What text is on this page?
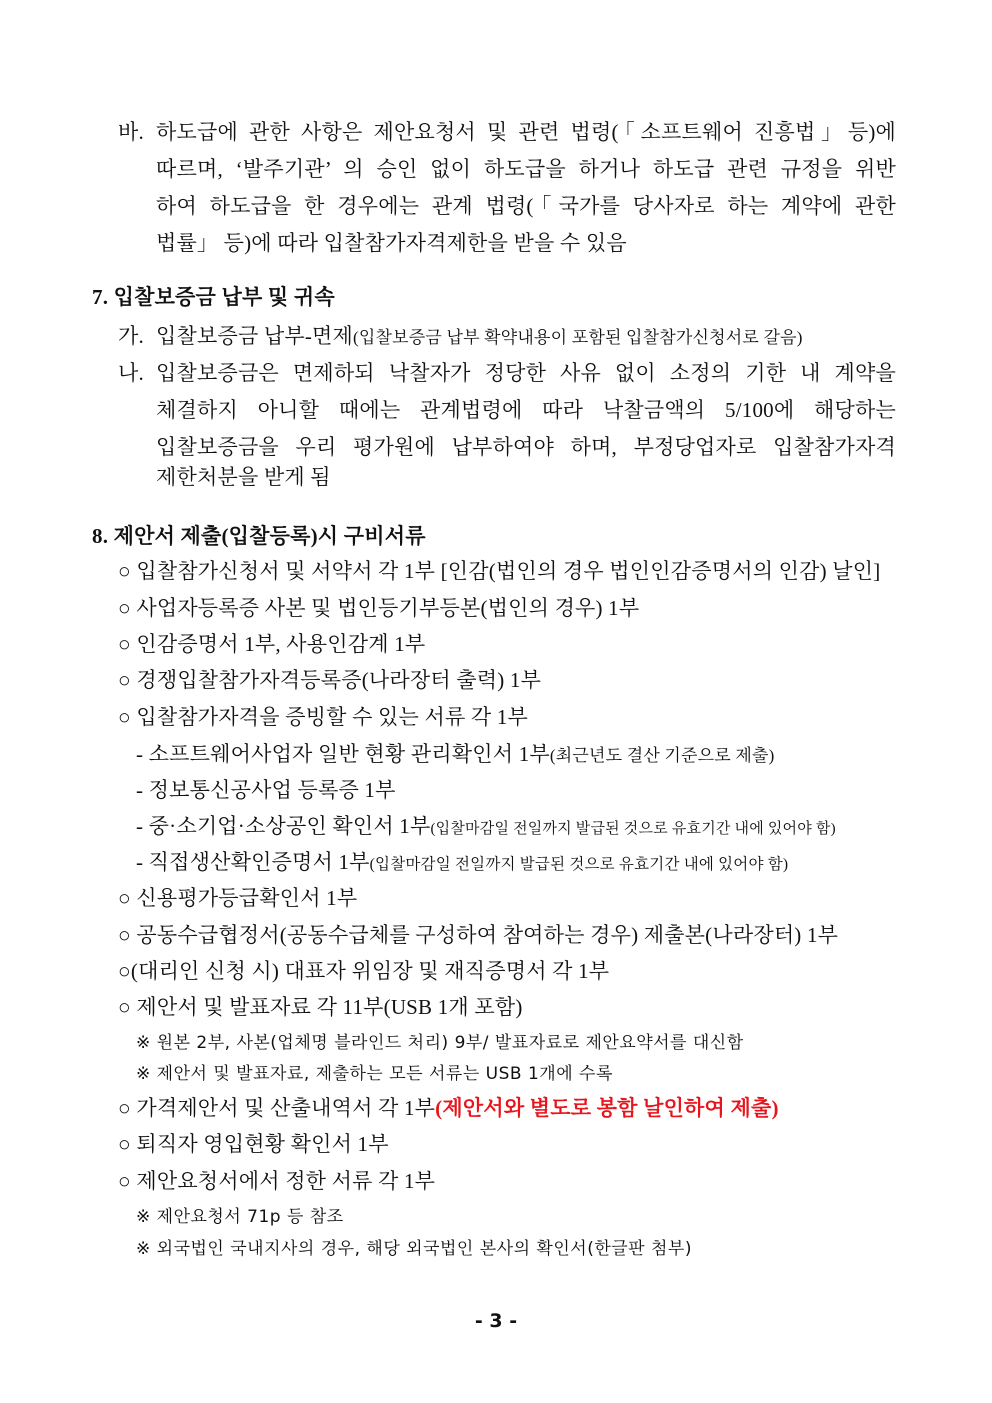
바. 하도급에 관한 사항은 제안요청서 및 관련 법령(「소프트웨어 진흥법」등)에
따르며, ‘발주기관’ 의 승인 없이 하도급을 하거나 하도급 관련 규정을 위반
하여 하도급을 한 경우에는 관계 법령(「국가를 당사자로 하는 계약에 관한
법률」 등)에 따라 입찰참가자격제한을 받을 수 있음
7. 입찰보증금 납부 및 귀속
가. 입찰보증금 납부-면제(입찰보증금 납부 확약내용이 포함된 입찰참가신청서로 갈음)
나. 입찰보증금은 면제하되 낙찰자가 정당한 사유 없이 소정의 기한 내 계약을
체결하지 아니할 때에는 관계법령에 따라 낙찰금액의 5/100에 해당하는
입찰보증금을 우리 평가원에 납부하여야 하며, 부정당업자로 입찰참가자격
제한처분을 받게 됨
8. 제안서 제출(입찰등록)시 구비서류
○ 입찰참가신청서 및 서약서 각 1부 [인감(법인의 경우 법인인감증명서의 인감) 날인]
○ 사업자등록증 사본 및 법인등기부등본(법인의 경우) 1부
○ 인감증명서 1부, 사용인감계 1부
○ 경쟁입찰참가자격등록증(나라장터 출력) 1부
○ 입찰참가자격을 증빙할 수 있는 서류 각 1부
- 소프트웨어사업자 일반 현황 관리확인서 1부(최근년도 결산 기준으로 제출)
- 정보통신공사업 등록증 1부
- 중·소기업·소상공인 확인서 1부(입찰마감일 전일까지 발급된 것으로 유효기간 내에 있어야 함)
- 직접생산확인증명서 1부(입찰마감일 전일까지 발급된 것으로 유효기간 내에 있어야 함)
○ 신용평가등급확인서 1부
○ 공동수급협정서(공동수급체를 구성하여 참여하는 경우) 제출본(나라장터) 1부
○(대리인 신청 시) 대표자 위임장 및 재직증명서 각 1부
○ 제안서 및 발표자료 각 11부(USB 1개 포함)
※ 원본 2부, 사본(업체명 블라인드 처리) 9부/ 발표자료로 제안요약서를 대신함
※ 제안서 및 발표자료, 제출하는 모든 서류는 USB 1개에 수록
○ 가격제안서 및 산출내역서 각 1부(제안서와 별도로 봉함 날인하여 제출)
○ 퇴직자 영입현황 확인서 1부
○ 제안요청서에서 정한 서류 각 1부
※ 제안요청서 71p 등 참조
※ 외국법인 국내지사의 경우, 해당 외국법인 본사의 확인서(한글판 첨부)
- 3 -
